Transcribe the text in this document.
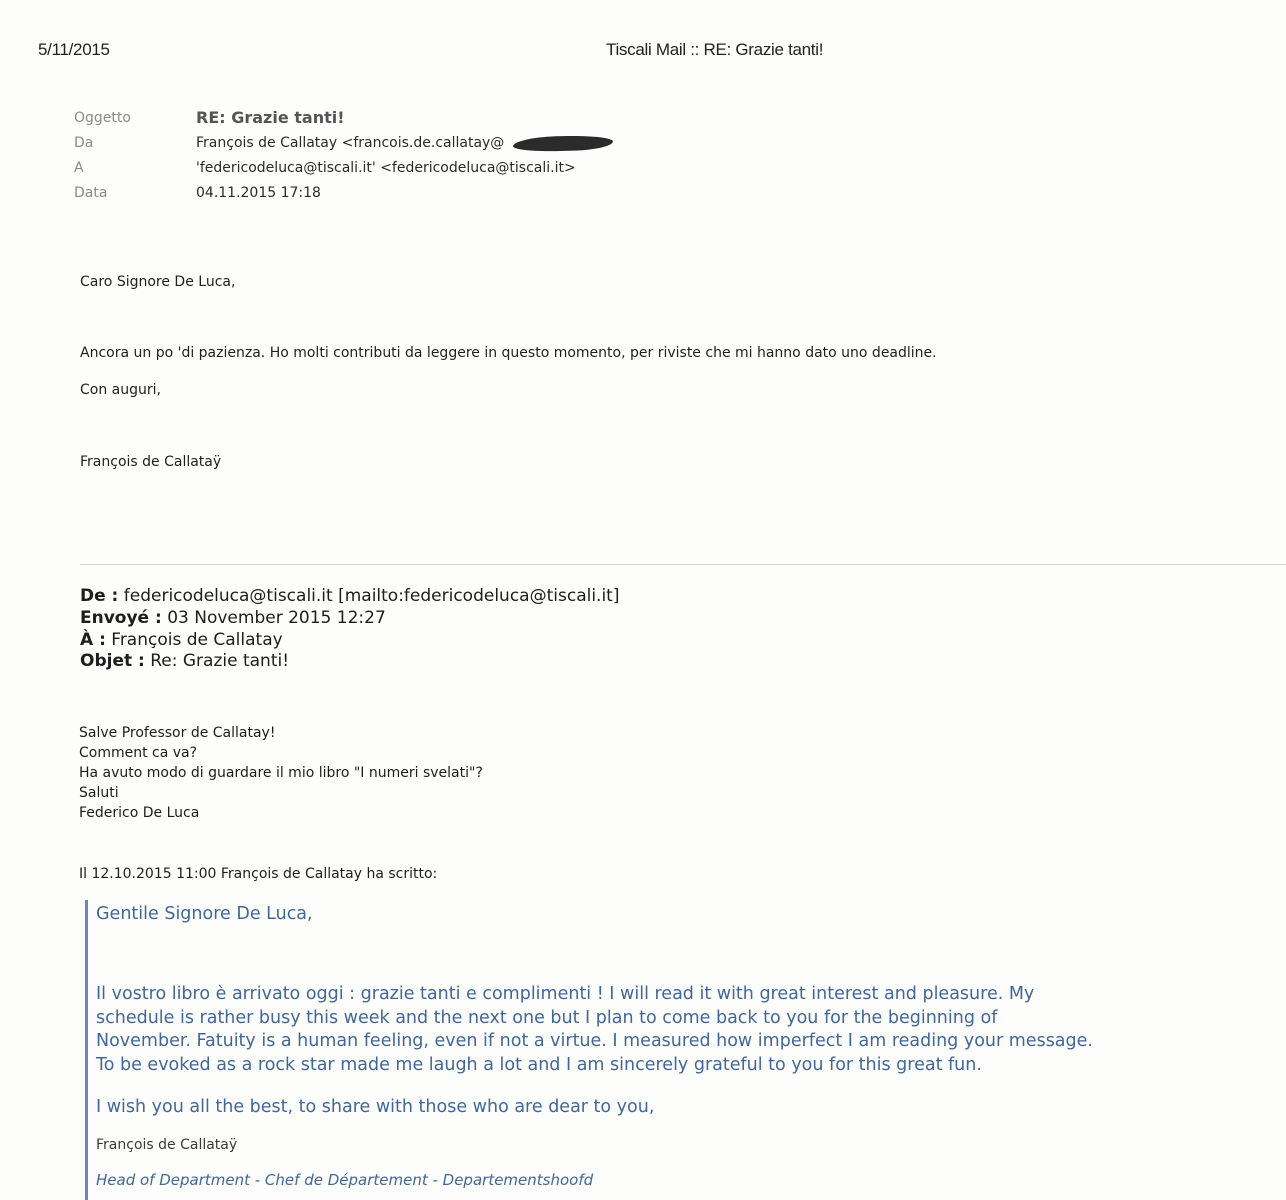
5/11/2015	Tiscali Mail :: RE: Grazie tanti!
Oggetto	RE: Grazie tanti!
Da	François de Callatay <francois.de.callatay@
A	'federicodeluca@tiscali.it' <federicodeluca@tiscali.it>
Data	04.11.2015 17:18
Caro Signore De Luca,
Ancora un po 'di pazienza. Ho molti contributi da leggere in questo momento, per riviste che mi hanno dato uno deadline.
Con auguri,
François de Callataÿ
De : federicodeluca@tiscali.it [mailto:federicodeluca@tiscali.it]
Envoyé : 03 November 2015 12:27
À : François de Callatay
Objet : Re: Grazie tanti!
Salve Professor de Callatay!
Comment ca va?
Ha avuto modo di guardare il mio libro "I numeri svelati"?
Saluti
Federico De Luca
Il 12.10.2015 11:00 François de Callatay ha scritto:
Gentile Signore De Luca,
Il vostro libro è arrivato oggi : grazie tanti e complimenti ! I will read it with great interest and pleasure. My
schedule is rather busy this week and the next one but I plan to come back to you for the beginning of
November. Fatuity is a human feeling, even if not a virtue. I measured how imperfect I am reading your message.
To be evoked as a rock star made me laugh a lot and I am sincerely grateful to you for this great fun.
I wish you all the best, to share with those who are dear to you,
François de Callataÿ
Head of Department - Chef de Département - Departementshoofd
